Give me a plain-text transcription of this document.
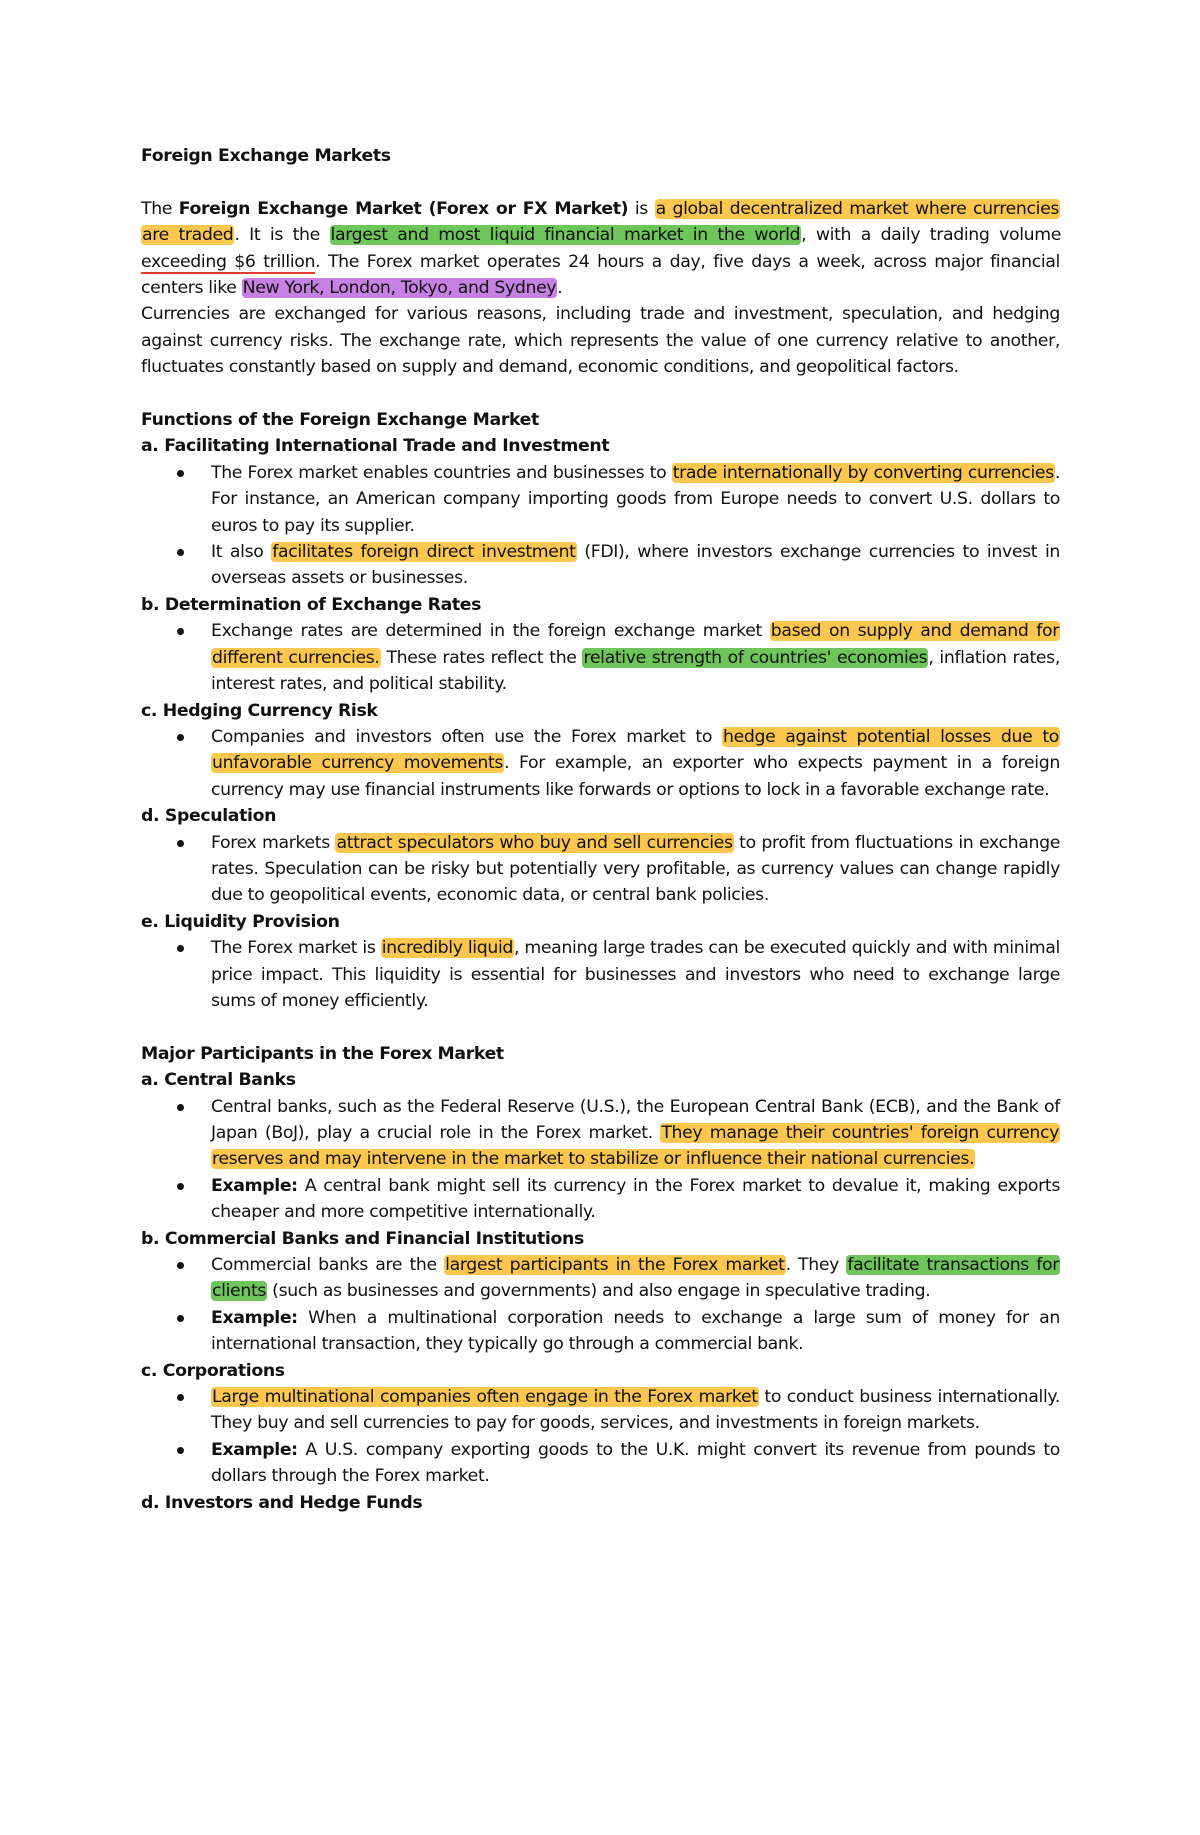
Foreign Exchange Markets

The Foreign Exchange Market (Forex or FX Market) is a global decentralized market where currencies are traded. It is the largest and most liquid financial market in the world, with a daily trading volume exceeding $6 trillion. The Forex market operates 24 hours a day, five days a week, across major financial centers like New York, London, Tokyo, and Sydney.

Currencies are exchanged for various reasons, including trade and investment, speculation, and hedging against currency risks. The exchange rate, which represents the value of one currency relative to another, fluctuates constantly based on supply and demand, economic conditions, and geopolitical factors.

Functions of the Foreign Exchange Market
a. Facilitating International Trade and Investment
The Forex market enables countries and businesses to trade internationally by converting currencies. For instance, an American company importing goods from Europe needs to convert U.S. dollars to euros to pay its supplier.
It also facilitates foreign direct investment (FDI), where investors exchange currencies to invest in overseas assets or businesses.
b. Determination of Exchange Rates
Exchange rates are determined in the foreign exchange market based on supply and demand for different currencies. These rates reflect the relative strength of countries' economies, inflation rates, interest rates, and political stability.
c. Hedging Currency Risk
Companies and investors often use the Forex market to hedge against potential losses due to unfavorable currency movements. For example, an exporter who expects payment in a foreign currency may use financial instruments like forwards or options to lock in a favorable exchange rate.
d. Speculation
Forex markets attract speculators who buy and sell currencies to profit from fluctuations in exchange rates. Speculation can be risky but potentially very profitable, as currency values can change rapidly due to geopolitical events, economic data, or central bank policies.
e. Liquidity Provision
The Forex market is incredibly liquid, meaning large trades can be executed quickly and with minimal price impact. This liquidity is essential for businesses and investors who need to exchange large sums of money efficiently.
Major Participants in the Forex Market
a. Central Banks
Central banks, such as the Federal Reserve (U.S.), the European Central Bank (ECB), and the Bank of Japan (BoJ), play a crucial role in the Forex market. They manage their countries' foreign currency reserves and may intervene in the market to stabilize or influence their national currencies.
Example: A central bank might sell its currency in the Forex market to devalue it, making exports cheaper and more competitive internationally.
b. Commercial Banks and Financial Institutions
Commercial banks are the largest participants in the Forex market. They facilitate transactions for clients (such as businesses and governments) and also engage in speculative trading.
Example: When a multinational corporation needs to exchange a large sum of money for an international transaction, they typically go through a commercial bank.
c. Corporations
Large multinational companies often engage in the Forex market to conduct business internationally. They buy and sell currencies to pay for goods, services, and investments in foreign markets.
Example: A U.S. company exporting goods to the U.K. might convert its revenue from pounds to dollars through the Forex market.
d. Investors and Hedge Funds
